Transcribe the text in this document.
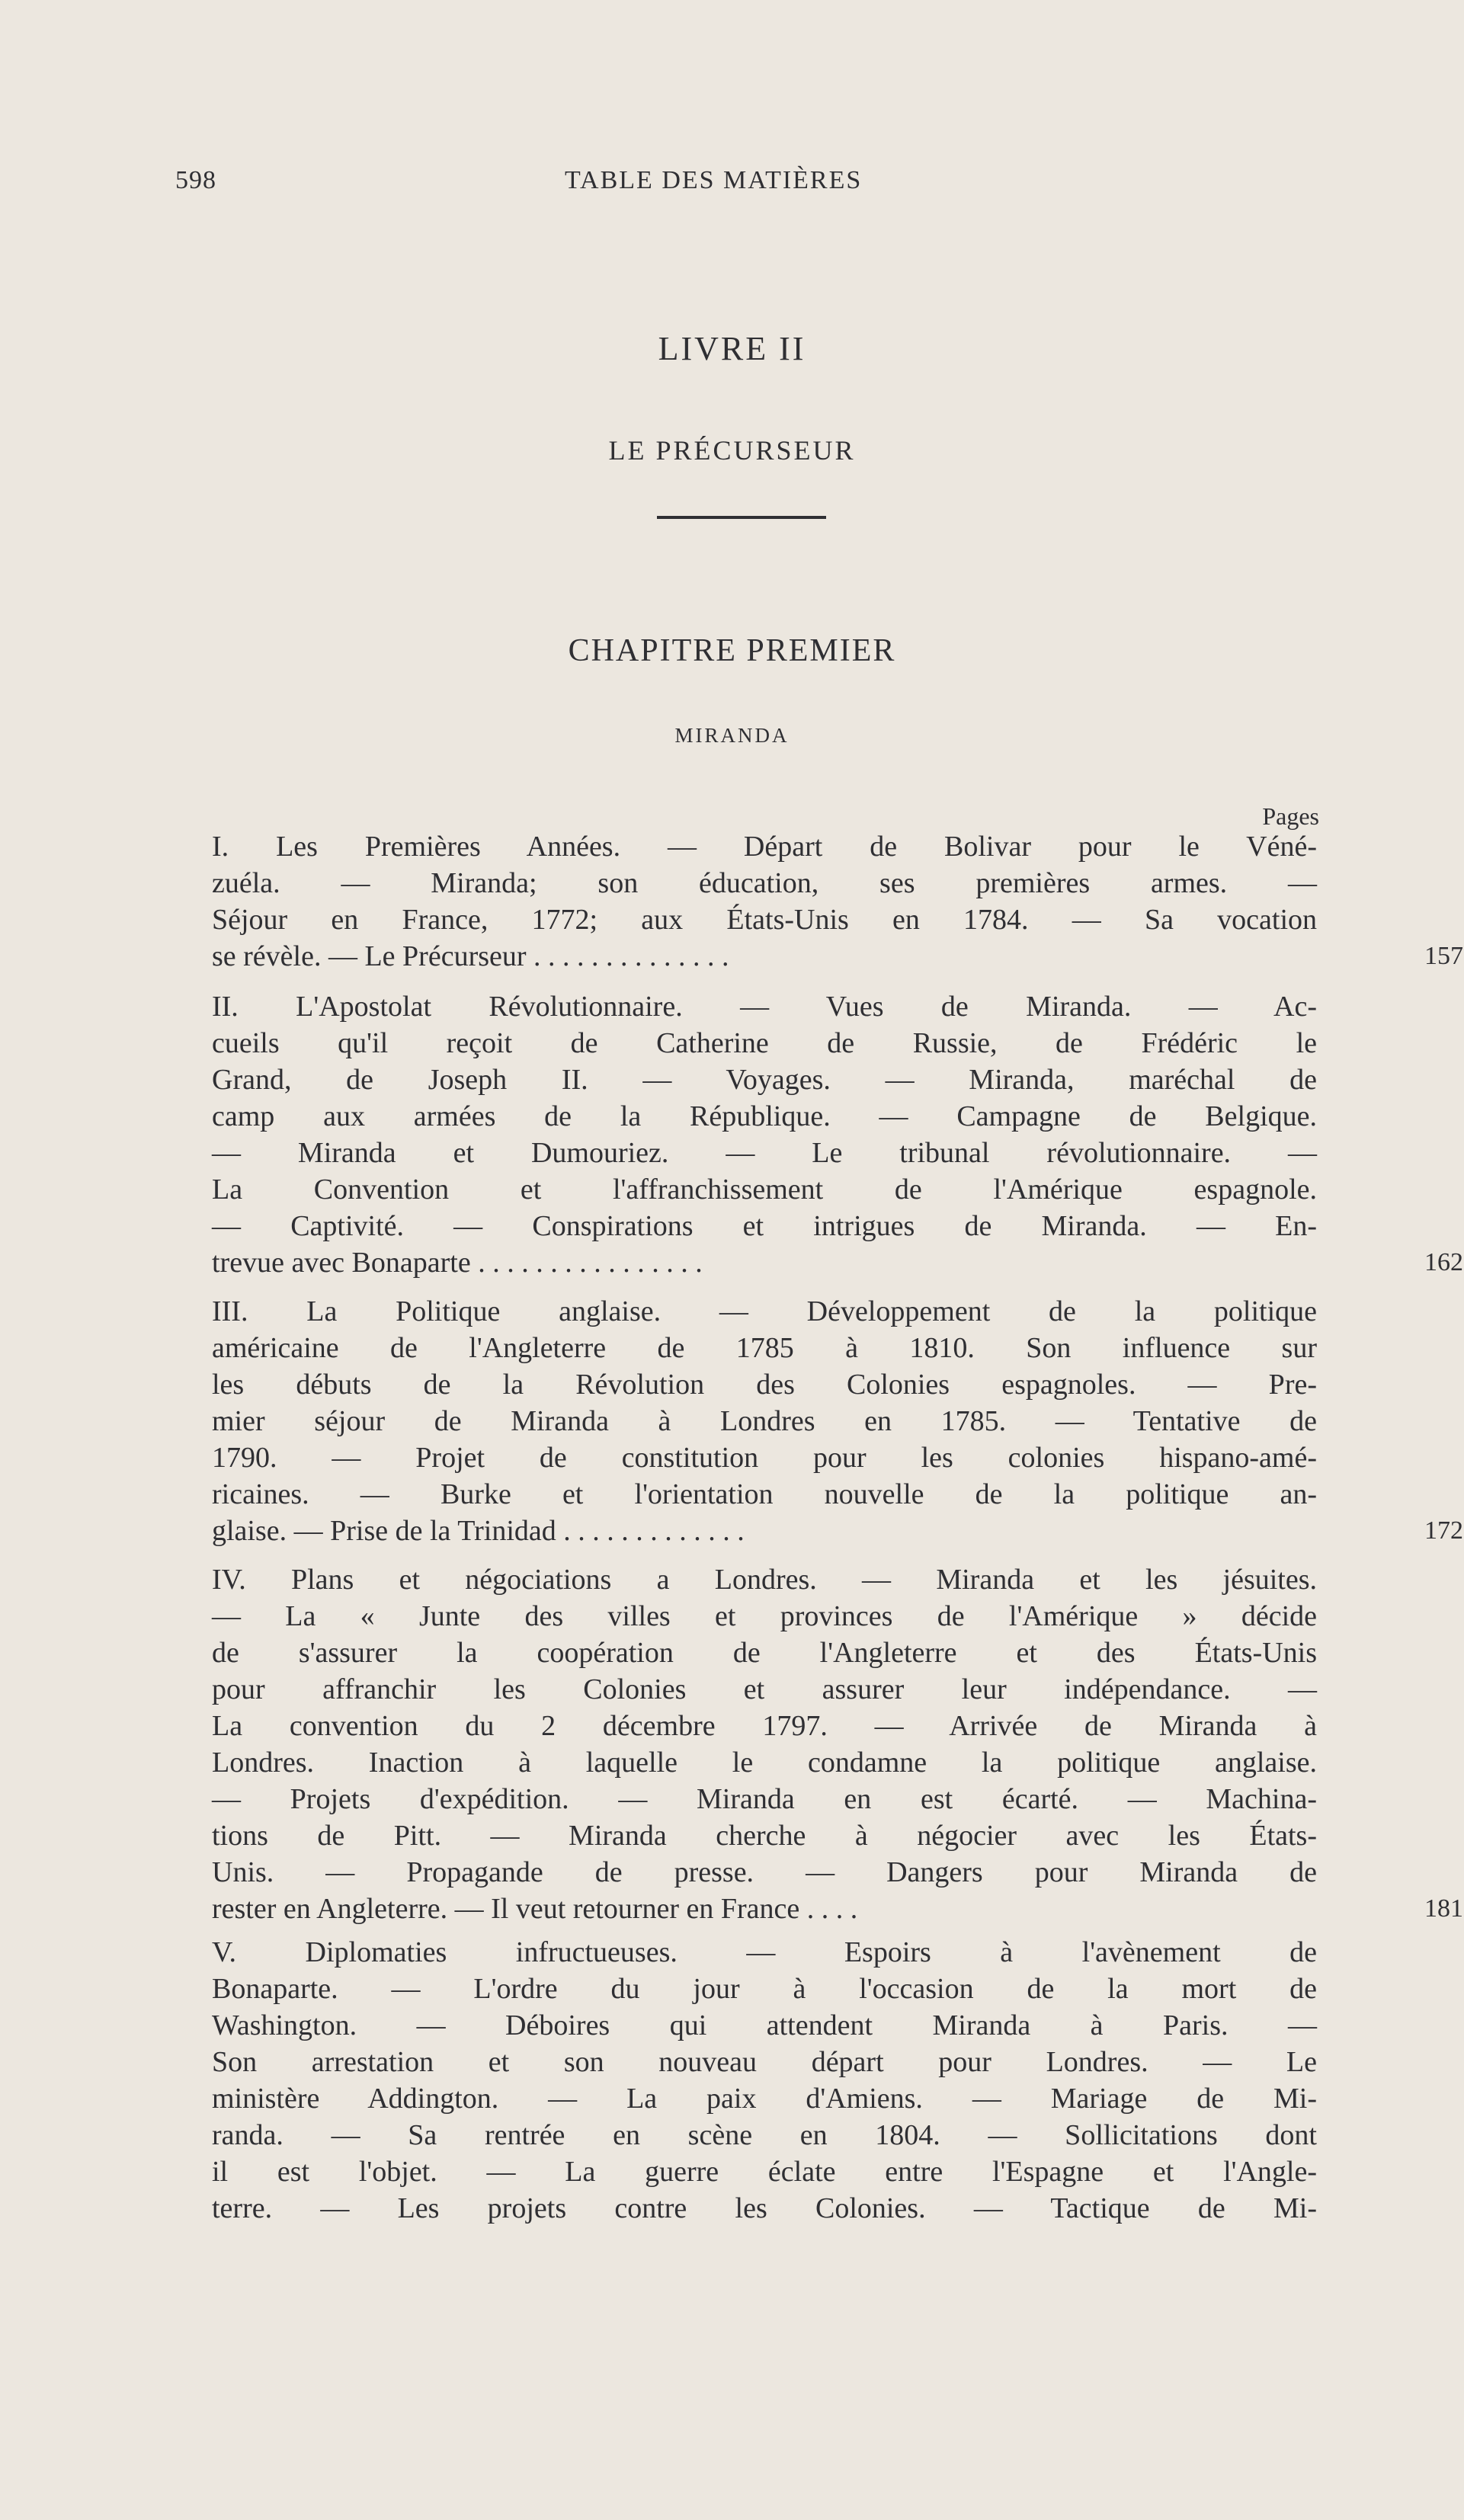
598	TABLE DES MATIÈRES
LIVRE II
LE PRÉCURSEUR
CHAPITRE PREMIER
MIRANDA
Pages
I. Les Premières Années. — Départ de Bolivar pour le Véné-
zuéla. — Miranda; son éducation, ses premières armes. —
Séjour en France, 1772; aux États-Unis en 1784. — Sa vocation
se révèle. — Le Précurseur . . . . . . . . . . . . . .	157
II. L'Apostolat Révolutionnaire. — Vues de Miranda. — Ac-
cueils qu'il reçoit de Catherine de Russie, de Frédéric le
Grand, de Joseph II. — Voyages. — Miranda, maréchal de
camp aux armées de la République. — Campagne de Belgique.
— Miranda et Dumouriez. — Le tribunal révolutionnaire. —
La Convention et l'affranchissement de l'Amérique espagnole.
— Captivité. — Conspirations et intrigues de Miranda. — En-
trevue avec Bonaparte . . . . . . . . . . . . . . . .	162
III. La Politique anglaise. — Développement de la politique
américaine de l'Angleterre de 1785 à 1810. Son influence sur
les débuts de la Révolution des Colonies espagnoles. — Pre-
mier séjour de Miranda à Londres en 1785. — Tentative de
1790. — Projet de constitution pour les colonies hispano-amé-
ricaines. — Burke et l'orientation nouvelle de la politique an-
glaise. — Prise de la Trinidad . . . . . . . . . . . . .	172
IV. Plans et négociations a Londres. — Miranda et les jésuites.
— La « Junte des villes et provinces de l'Amérique » décide
de s'assurer la coopération de l'Angleterre et des États-Unis
pour affranchir les Colonies et assurer leur indépendance. —
La convention du 2 décembre 1797. — Arrivée de Miranda à
Londres. Inaction à laquelle le condamne la politique anglaise.
— Projets d'expédition. — Miranda en est écarté. — Machina-
tions de Pitt. — Miranda cherche à négocier avec les États-
Unis. — Propagande de presse. — Dangers pour Miranda de
rester en Angleterre. — Il veut retourner en France . . . .	181
V. Diplomaties infructueuses. — Espoirs à l'avènement de
Bonaparte. — L'ordre du jour à l'occasion de la mort de
Washington. — Déboires qui attendent Miranda à Paris. —
Son arrestation et son nouveau départ pour Londres. — Le
ministère Addington. — La paix d'Amiens. — Mariage de Mi-
randa. — Sa rentrée en scène en 1804. — Sollicitations dont
il est l'objet. — La guerre éclate entre l'Espagne et l'Angle-
terre. — Les projets contre les Colonies. — Tactique de Mi-
